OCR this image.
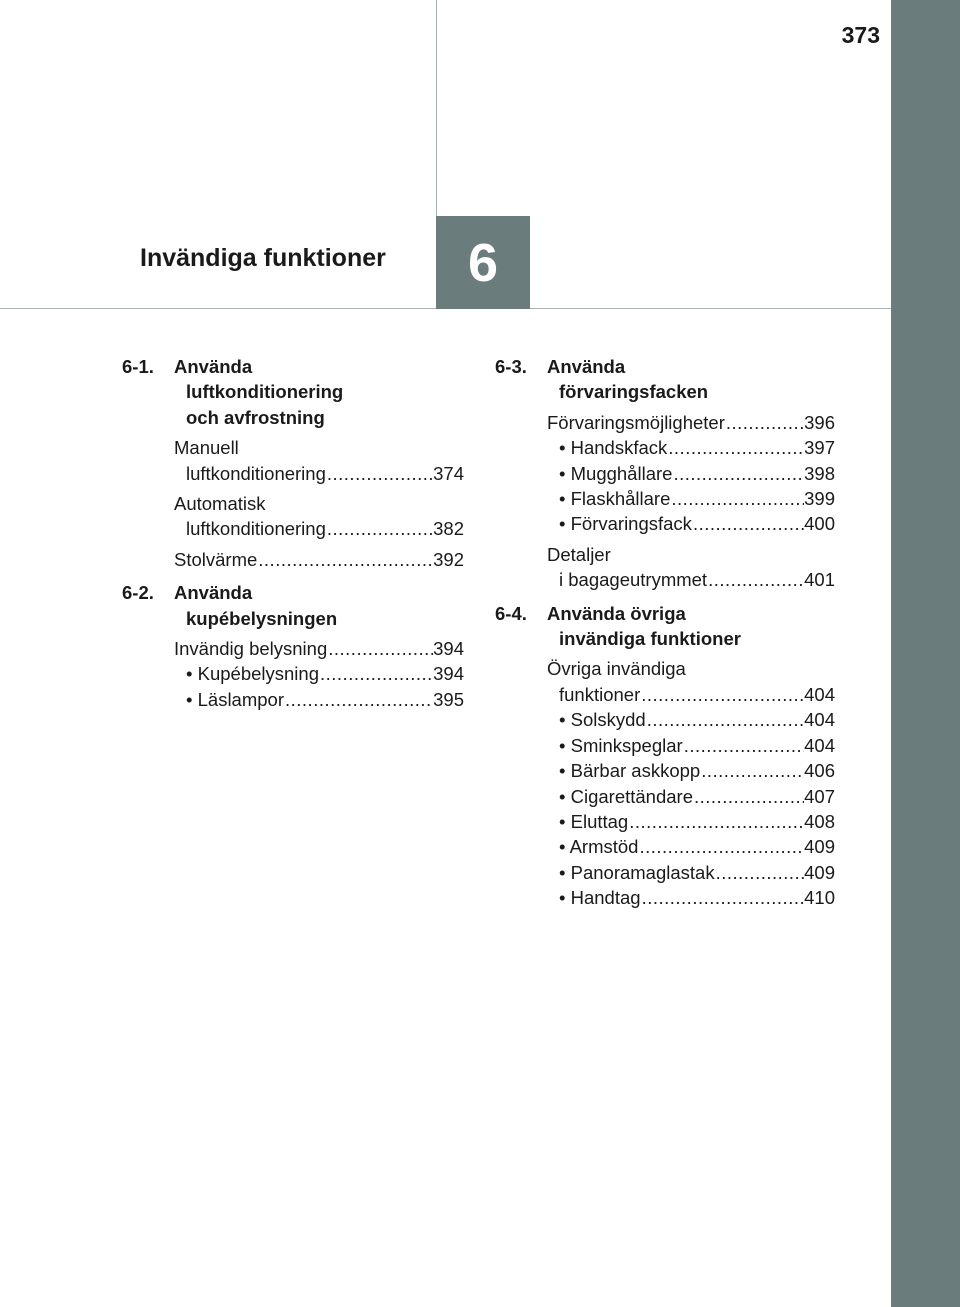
373
6
Invändiga funktioner
6-1. Använda
luftkonditionering
och avfrostning
Manuell
luftkonditionering .....	374
Automatisk
luftkonditionering .....	382
Stolvärme .....	392
6-2. Använda
kupébelysningen
Invändig belysning .....	394
• Kupébelysning .....	394
• Läslampor .....	395
6-3. Använda
förvaringsfacken
Förvaringsmöjligheter .....	396
• Handskfack .....	397
• Mugghållare .....	398
• Flaskhållare .....	399
• Förvaringsfack .....	400
Detaljer
i bagageutrymmet .....	401
6-4. Använda övriga
invändiga funktioner
Övriga invändiga
funktioner .....	404
• Solskydd .....	404
• Sminkspeglar .....	404
• Bärbar askkopp .....	406
• Cigarettändare .....	407
• Eluttag .....	408
• Armstöd .....	409
• Panoramaglastak .....	409
• Handtag .....	410
